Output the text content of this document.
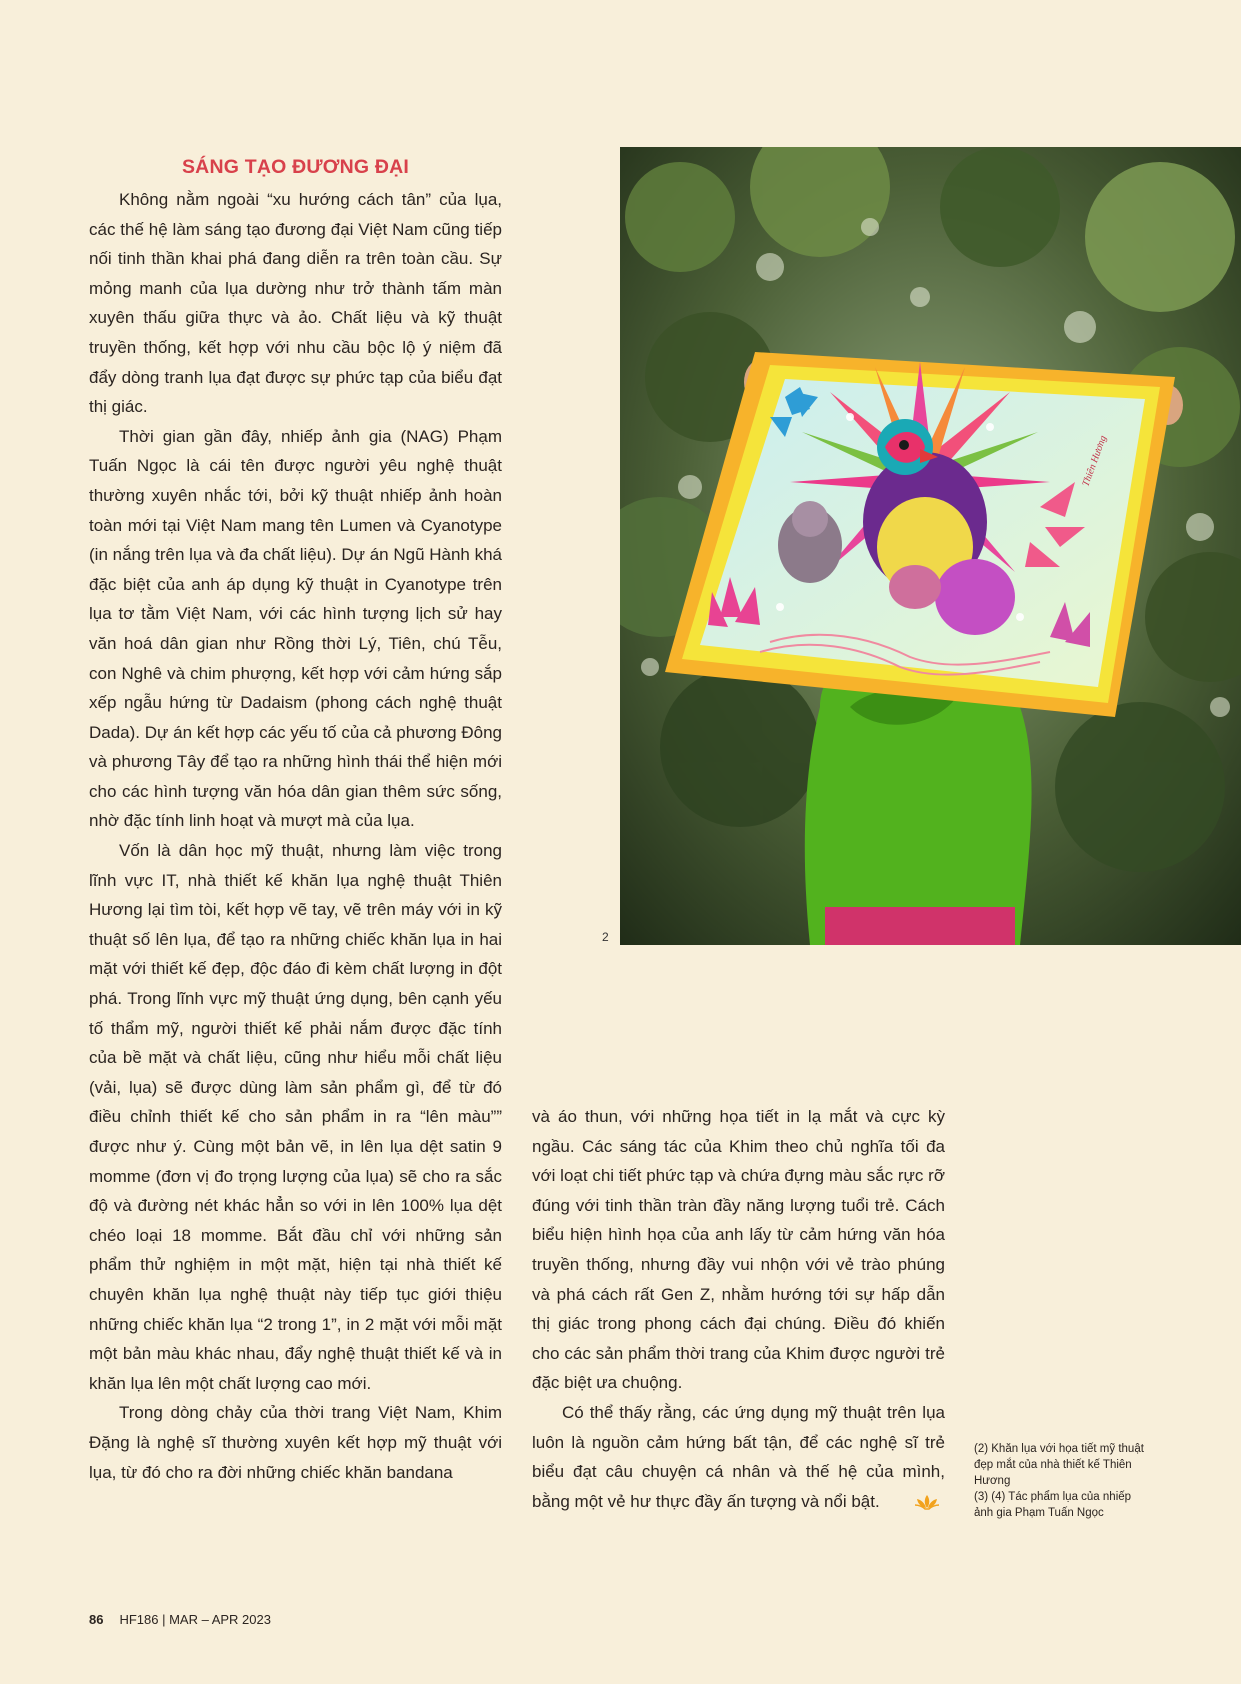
SÁNG TẠO ĐƯƠNG ĐẠI

Không nằm ngoài “xu hướng cách tân” của lụa, các thế hệ làm sáng tạo đương đại Việt Nam cũng tiếp nối tinh thần khai phá đang diễn ra trên toàn cầu. Sự mỏng manh của lụa dường như trở thành tấm màn xuyên thấu giữa thực và ảo. Chất liệu và kỹ thuật truyền thống, kết hợp với nhu cầu bộc lộ ý niệm đã đẩy dòng tranh lụa đạt được sự phức tạp của biểu đạt thị giác.

Thời gian gần đây, nhiếp ảnh gia (NAG) Phạm Tuấn Ngọc là cái tên được người yêu nghệ thuật thường xuyên nhắc tới, bởi kỹ thuật nhiếp ảnh hoàn toàn mới tại Việt Nam mang tên Lumen và Cyanotype (in nắng trên lụa và đa chất liệu). Dự án Ngũ Hành khá đặc biệt của anh áp dụng kỹ thuật in Cyanotype trên lụa tơ tằm Việt Nam, với các hình tượng lịch sử hay văn hoá dân gian như Rồng thời Lý, Tiên, chú Tễu, con Nghê và chim phượng, kết hợp với cảm hứng sắp xếp ngẫu hứng từ Dadaism (phong cách nghệ thuật Dada). Dự án kết hợp các yếu tố của cả phương Đông và phương Tây để tạo ra những hình thái thể hiện mới cho các hình tượng văn hóa dân gian thêm sức sống, nhờ đặc tính linh hoạt và mượt mà của lụa.

Vốn là dân học mỹ thuật, nhưng làm việc trong lĩnh vực IT, nhà thiết kế khăn lụa nghệ thuật Thiên Hương lại tìm tòi, kết hợp vẽ tay, vẽ trên máy với in kỹ thuật số lên lụa, để tạo ra những chiếc khăn lụa in hai mặt với thiết kế đẹp, độc đáo đi kèm chất lượng in đột phá. Trong lĩnh vực mỹ thuật ứng dụng, bên cạnh yếu tố thẩm mỹ, người thiết kế phải nắm được đặc tính của bề mặt và chất liệu, cũng như hiểu mỗi chất liệu (vải, lụa) sẽ được dùng làm sản phẩm gì, để từ đó điều chỉnh thiết kế cho sản phẩm in ra “lên màu”” được như ý. Cùng một bản vẽ, in lên lụa dệt satin 9 momme (đơn vị đo trọng lượng của lụa) sẽ cho ra sắc độ và đường nét khác hẳn so với in lên 100% lụa dệt chéo loại 18 momme. Bắt đầu chỉ với những sản phẩm thử nghiệm in một mặt, hiện tại nhà thiết kế chuyên khăn lụa nghệ thuật này tiếp tục giới thiệu những chiếc khăn lụa “2 trong 1”, in 2 mặt với mỗi mặt một bản màu khác nhau, đẩy nghệ thuật thiết kế và in khăn lụa lên một chất lượng cao mới.

Trong dòng chảy của thời trang Việt Nam, Khim Đặng là nghệ sĩ thường xuyên kết hợp mỹ thuật với lụa, từ đó cho ra đời những chiếc khăn bandana

Thiên Hương
2

và áo thun, với những họa tiết in lạ mắt và cực kỳ ngầu. Các sáng tác của Khim theo chủ nghĩa tối đa với loạt chi tiết phức tạp và chứa đựng màu sắc rực rỡ đúng với tinh thần tràn đầy năng lượng tuổi trẻ. Cách biểu hiện hình họa của anh lấy từ cảm hứng văn hóa truyền thống, nhưng đầy vui nhộn với vẻ trào phúng và phá cách rất Gen Z, nhằm hướng tới sự hấp dẫn thị giác trong phong cách đại chúng. Điều đó khiến cho các sản phẩm thời trang của Khim được người trẻ đặc biệt ưa chuộng.

Có thể thấy rằng, các ứng dụng mỹ thuật trên lụa luôn là nguồn cảm hứng bất tận, để các nghệ sĩ trẻ biểu đạt câu chuyện cá nhân và thế hệ của mình, bằng một vẻ hư thực đầy ấn tượng và nổi bật.

(2) Khăn lụa với họa tiết mỹ thuật đẹp mắt của nhà thiết kế Thiên Hương

(3) (4) Tác phẩm lụa của nhiếp ảnh gia Phạm Tuấn Ngọc

86 HF186 | MAR – APR 2023
